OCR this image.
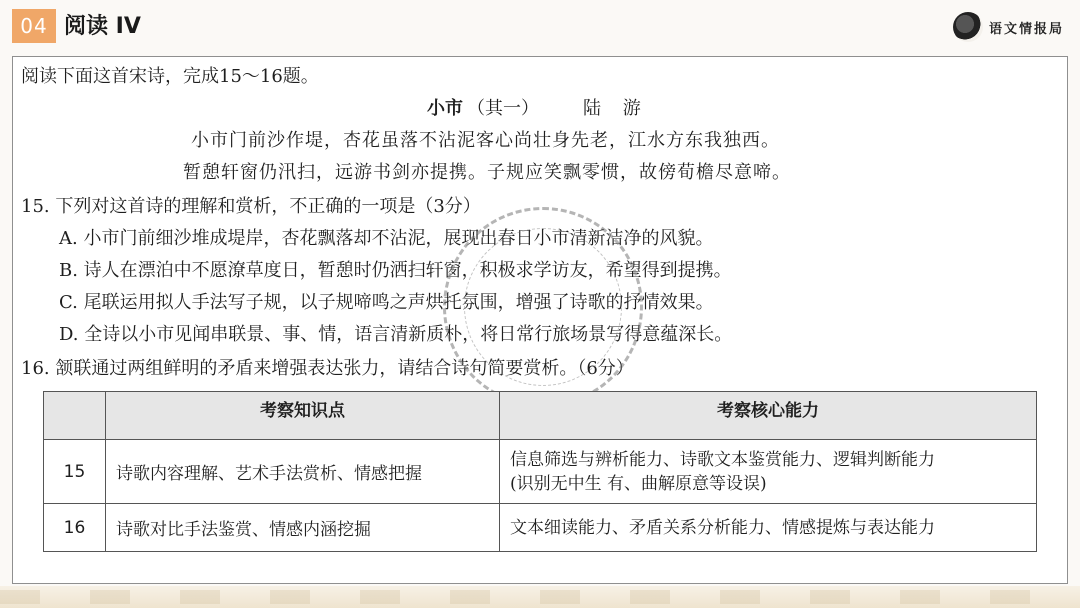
04 阅读 IV	语文情报局
阅读下面这首宋诗，完成15～16题。
小市 （其一） 陆 游
小市门前沙作堤，杏花虽落不沾泥客心尚壮身先老，江水方东我独西。
暂憩轩窗仍汛扫，远游书剑亦提携。子规应笑飘零惯，故傍荀檐尽意啼。
15. 下列对这首诗的理解和赏析，不正确的一项是（3分）
A. 小市门前细沙堆成堤岸，杏花飘落却不沾泥，展现出春日小市清新洁净的风貌。
B. 诗人在漂泊中不愿潦草度日，暂憩时仍洒扫轩窗，积极求学访友，希望得到提携。
C. 尾联运用拟人手法写子规，以子规啼鸣之声烘托氛围，增强了诗歌的抒情效果。
D. 全诗以小市见闻串联景、事、情，语言清新质朴，将日常行旅场景写得意蕴深长。
16. 颔联通过两组鲜明的矛盾来增强表达张力，请结合诗句简要赏析。（6分）
	考察知识点	考察核心能力
15	诗歌内容理解、艺术手法赏析、情感把握	信息筛选与辨析能力、诗歌文本鉴赏能力、逻辑判断能力
(识别无中生 有、曲解原意等设误)

16	诗歌对比手法鉴赏、情感内涵挖掘	文本细读能力、矛盾关系分析能力、情感提炼与表达能力
